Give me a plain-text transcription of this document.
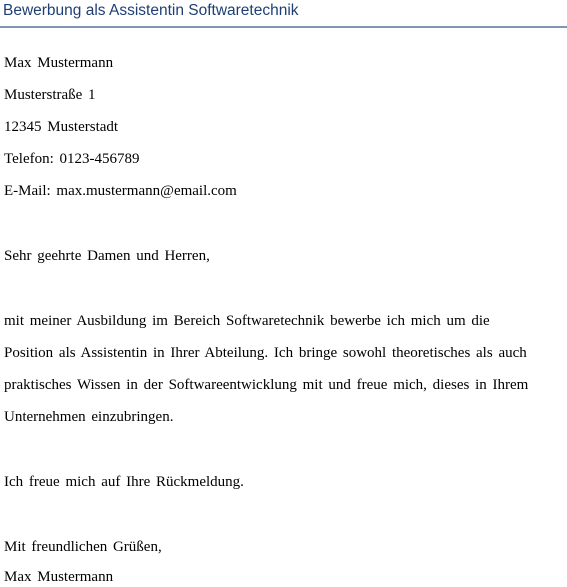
Bewerbung als Assistentin Softwaretechnik
Max Mustermann
Musterstraße 1
12345 Musterstadt
Telefon: 0123-456789
E-Mail: max.mustermann@email.com
Sehr geehrte Damen und Herren,
mit meiner Ausbildung im Bereich Softwaretechnik bewerbe ich mich um die
Position als Assistentin in Ihrer Abteilung. Ich bringe sowohl theoretisches als auch
praktisches Wissen in der Softwareentwicklung mit und freue mich, dieses in Ihrem
Unternehmen einzubringen.
Ich freue mich auf Ihre Rückmeldung.
Mit freundlichen Grüßen,
Max Mustermann
